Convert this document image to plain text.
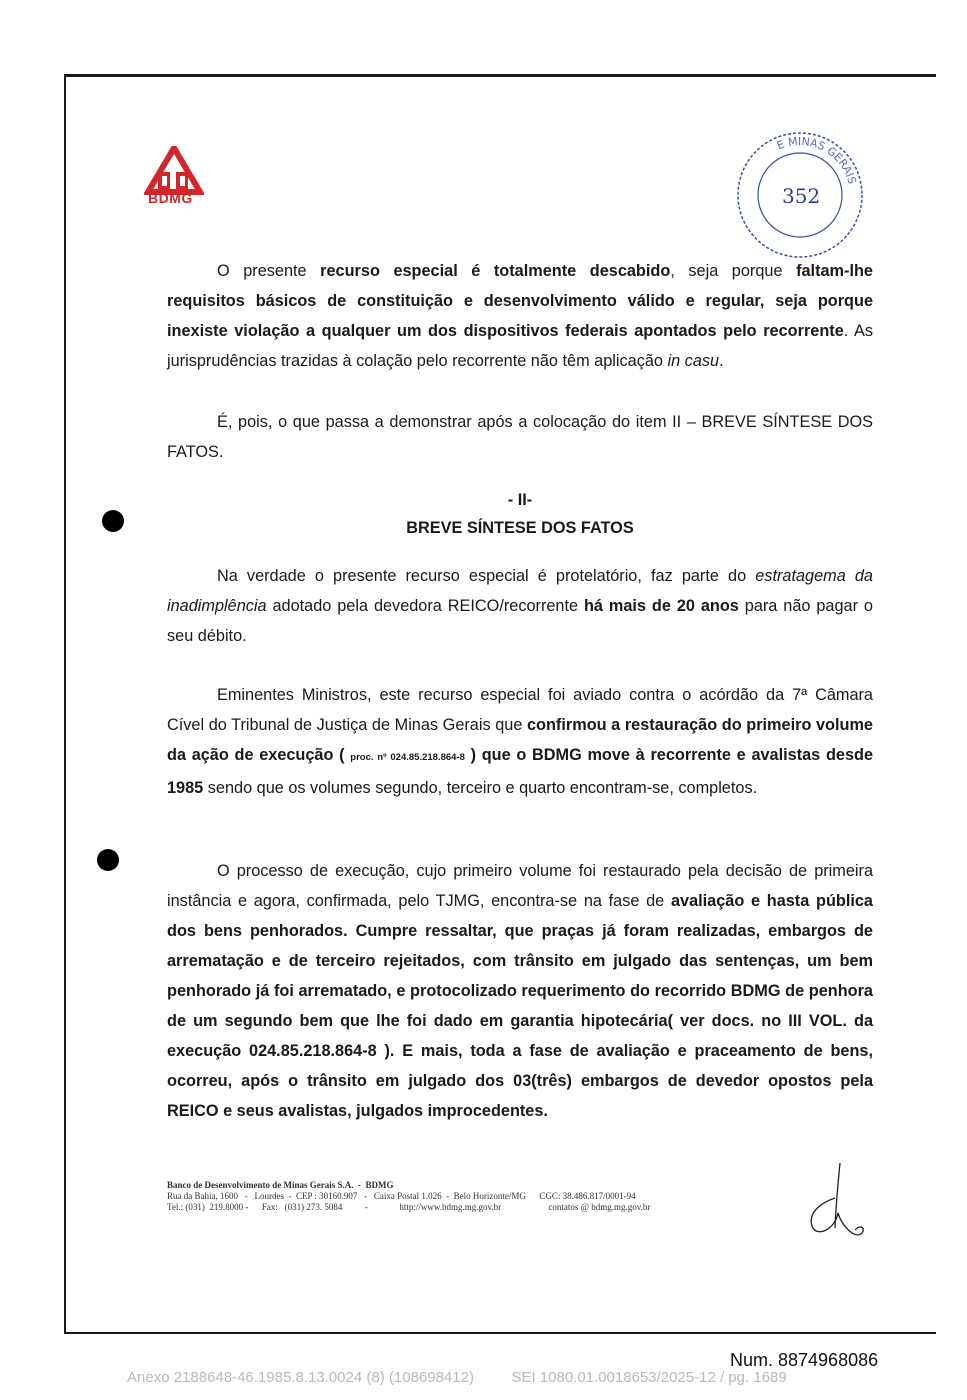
BDMG
E MINAS GERAIS
352

O presente recurso especial é totalmente descabido, seja porque faltam-lhe requisitos básicos de constituição e desenvolvimento válido e regular, seja porque inexiste violação a qualquer um dos dispositivos federais apontados pelo recorrente. As jurisprudências trazidas à colação pelo recorrente não têm aplicação in casu.

É, pois, o que passa a demonstrar após a colocação do item II – BREVE SÍNTESE DOS FATOS.

- II-
BREVE SÍNTESE DOS FATOS

Na verdade o presente recurso especial é protelatório, faz parte do estratagema da inadimplência adotado pela devedora REICO/recorrente há mais de 20 anos para não pagar o seu débito.

Eminentes Ministros, este recurso especial foi aviado contra o acórdão da 7ª Câmara Cível do Tribunal de Justiça de Minas Gerais que confirmou a restauração do primeiro volume da ação de execução ( proc. nº 024.85.218.864-8 ) que o BDMG move à recorrente e avalistas desde 1985 sendo que os volumes segundo, terceiro e quarto encontram-se, completos.

O processo de execução, cujo primeiro volume foi restaurado pela decisão de primeira instância e agora, confirmada, pelo TJMG, encontra-se na fase de avaliação e hasta pública dos bens penhorados. Cumpre ressaltar, que praças já foram realizadas, embargos de arrematação e de terceiro rejeitados, com trânsito em julgado das sentenças, um bem penhorado já foi arrematado, e protocolizado requerimento do recorrido BDMG de penhora de um segundo bem que lhe foi dado em garantia hipotecária( ver docs. no III VOL. da execução 024.85.218.864-8 ). E mais, toda a fase de avaliação e praceamento de bens, ocorreu, após o trânsito em julgado dos 03(três) embargos de devedor opostos pela REICO e seus avalistas, julgados improcedentes.

Banco de Desenvolvimento de Minas Gerais S.A.  -  BDMG
Rua da Bahia, 1600   -   Lourdes  -  CEP : 30160.907   -   Caixa Postal 1.026  -  Belo Horizonte/MG      CGC: 38.486.817/0001-94
Tel.: (031)  219.8000 -      Fax:   (031) 273. 5084          -              http://www.bdmg.mg.gov.br                     contatos @ bdmg.mg.gov.br
Num. 8874968086
Anexo 2188648-46.1985.8.13.0024 (8) (108698412)         SEI 1080.01.0018653/2025-12 / pg. 1689
